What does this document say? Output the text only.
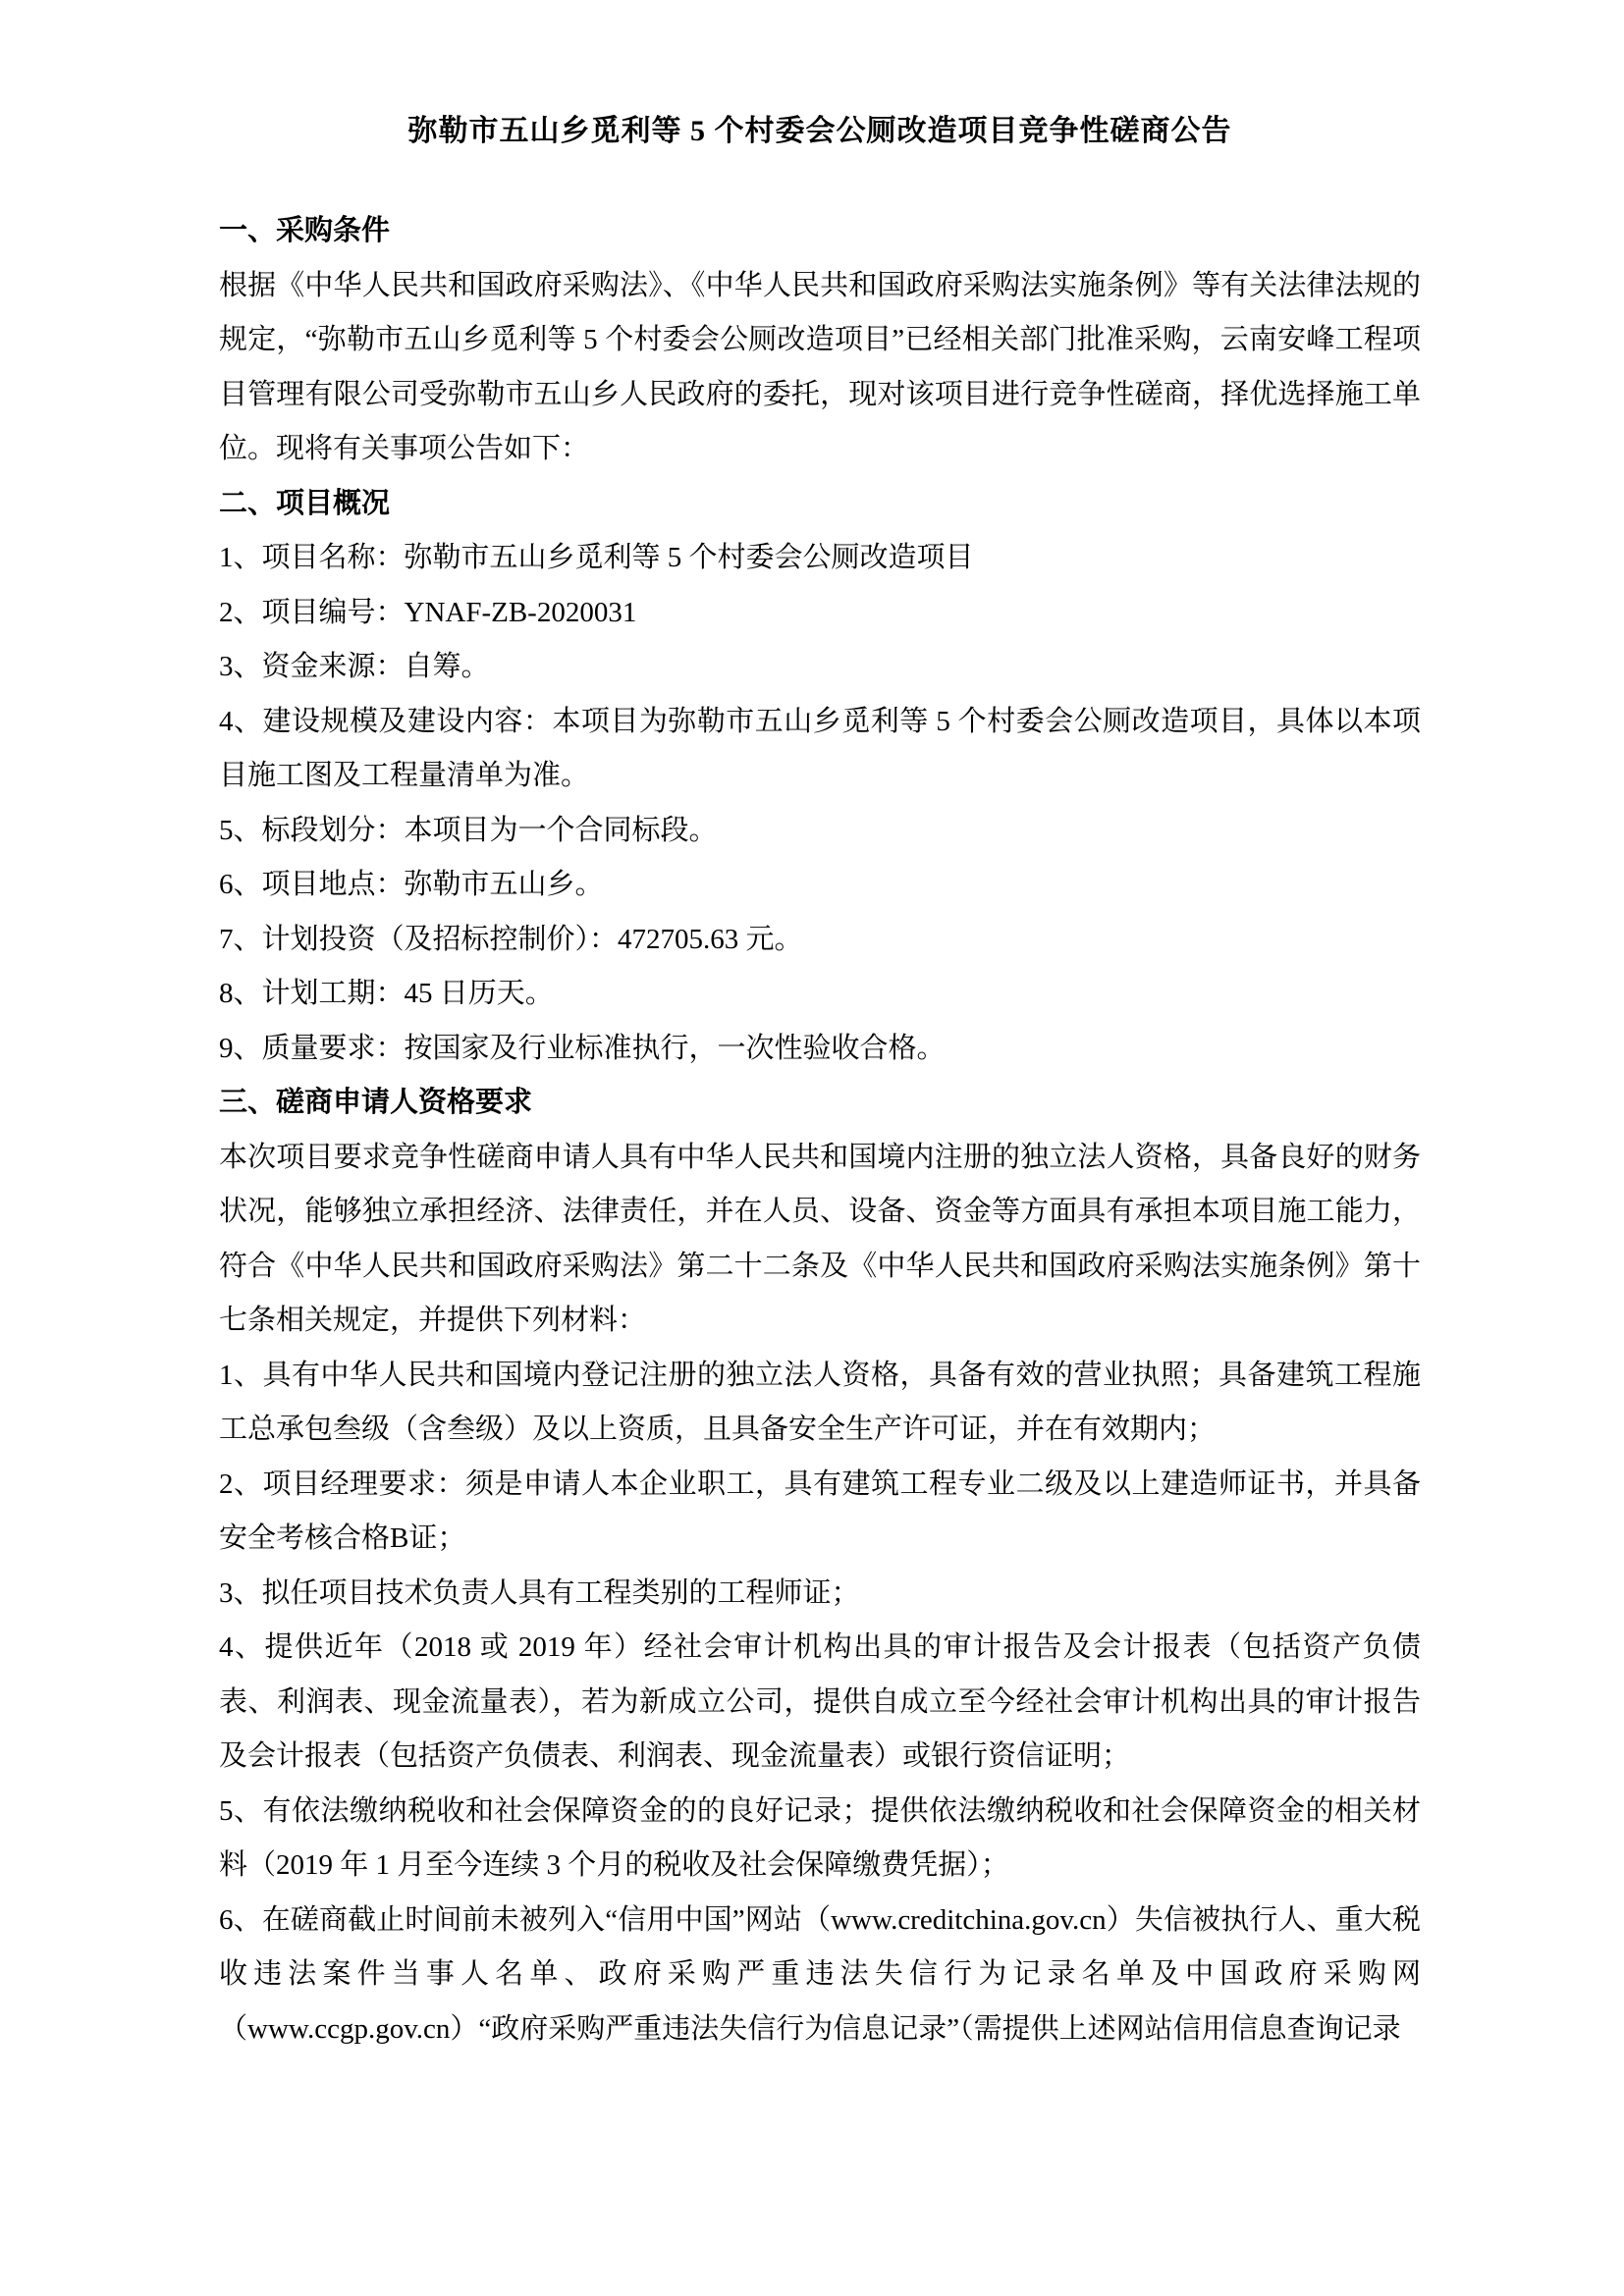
弥勒市五山乡觅利等 5 个村委会公厕改造项目竞争性磋商公告
一、采购条件

根据《中华人民共和国政府采购法》、《中华人民共和国政府采购法实施条例》等有关法律法规的规定，“弥勒市五山乡觅利等 5 个村委会公厕改造项目”已经相关部门批准采购，云南安峰工程项目管理有限公司受弥勒市五山乡人民政府的委托，现对该项目进行竞争性磋商，择优选择施工单位。现将有关事项公告如下：

二、项目概况

1、项目名称：弥勒市五山乡觅利等 5 个村委会公厕改造项目

2、项目编号：YNAF-ZB-2020031

3、资金来源：自筹。

4、建设规模及建设内容：本项目为弥勒市五山乡觅利等 5 个村委会公厕改造项目，具体以本项目施工图及工程量清单为准。

5、标段划分：本项目为一个合同标段。

6、项目地点：弥勒市五山乡。

7、计划投资（及招标控制价）：472705.63 元。

8、计划工期：45 日历天。

9、质量要求：按国家及行业标准执行，一次性验收合格。

三、磋商申请人资格要求

本次项目要求竞争性磋商申请人具有中华人民共和国境内注册的独立法人资格，具备良好的财务状况，能够独立承担经济、法律责任，并在人员、设备、资金等方面具有承担本项目施工能力，符合《中华人民共和国政府采购法》第二十二条及《中华人民共和国政府采购法实施条例》第十七条相关规定，并提供下列材料：

1、具有中华人民共和国境内登记注册的独立法人资格，具备有效的营业执照；具备建筑工程施工总承包叁级（含叁级）及以上资质，且具备安全生产许可证，并在有效期内；

2、项目经理要求：须是申请人本企业职工，具有建筑工程专业二级及以上建造师证书，并具备安全考核合格B证；

3、拟任项目技术负责人具有工程类别的工程师证；

4、提供近年（2018 或 2019 年）经社会审计机构出具的审计报告及会计报表（包括资产负债表、利润表、现金流量表），若为新成立公司，提供自成立至今经社会审计机构出具的审计报告及会计报表（包括资产负债表、利润表、现金流量表）或银行资信证明；

5、有依法缴纳税收和社会保障资金的的良好记录；提供依法缴纳税收和社会保障资金的相关材料（2019 年 1 月至今连续 3 个月的税收及社会保障缴费凭据）；

6、在磋商截止时间前未被列入“信用中国”网站（www.creditchina.gov.cn）失信被执行人、重大税收违法案件当事人名单、政府采购严重违法失信行为记录名单及中国政府采购网（www.ccgp.gov.cn）“政府采购严重违法失信行为信息记录”（需提供上述网站信用信息查询记录
